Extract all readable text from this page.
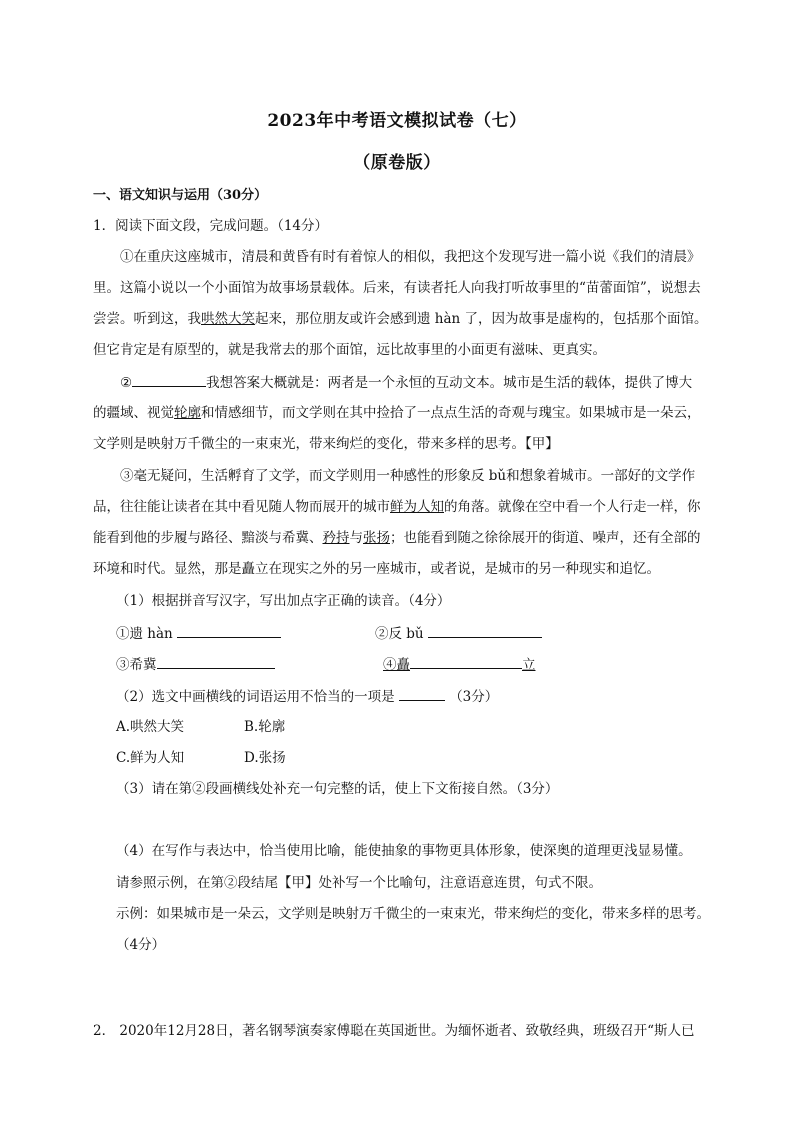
2023年中考语文模拟试卷（七）
（原卷版）
一、语文知识与运用（30分）
1．阅读下面文段，完成问题。（14分）
①在重庆这座城市，清晨和黄昏有时有着惊人的相似，我把这个发现写进一篇小说《我们的清晨》
里。这篇小说以一个小面馆为故事场景载体。后来，有读者托人向我打听故事里的“苗蕾面馆”，说想去
尝尝。听到这，我哄然大笑起来，那位朋友或许会感到遗 hàn 了，因为故事是虚构的，包括那个面馆。
但它肯定是有原型的，就是我常去的那个面馆，远比故事里的小面更有滋味、更真实。
②	我想答案大概就是：两者是一个永恒的互动文本。城市是生活的载体，提供了博大
的疆域、视觉轮廓和情感细节，而文学则在其中捡拾了一点点生活的奇观与瑰宝。如果城市是一朵云，
文学则是映射万千微尘的一束束光，带来绚烂的变化，带来多样的思考。【甲】
③毫无疑问，生活孵育了文学，而文学则用一种感性的形象反 bǔ和想象着城市。一部好的文学作
品，往往能让读者在其中看见随人物而展开的城市鲜为人知的角落。就像在空中看一个人行走一样，你
能看到他的步履与路径、黯淡与希冀、矜持与张扬；也能看到随之徐徐展开的街道、噪声，还有全部的
环境和时代。显然，那是矗立在现实之外的另一座城市，或者说，是城市的另一种现实和追忆。
（1）根据拼音写汉字，写出加点字正确的读音。（4分）
①遗 hàn	②反 bǔ
③希冀	④矗	立
（2）选文中画横线的词语运用不恰当的一项是	（3分）
A.哄然大笑	B.轮廓
C.鲜为人知	D.张扬
（3）请在第②段画横线处补充一句完整的话，使上下文衔接自然。（3分）
（4）在写作与表达中，恰当使用比喻，能使抽象的事物更具体形象，使深奥的道理更浅显易懂。
请参照示例，在第②段结尾【甲】处补写一个比喻句，注意语意连贯，句式不限。
示例：如果城市是一朵云，文学则是映射万千微尘的一束束光，带来绚烂的变化，带来多样的思考。
（4分）
2． 2020年12月28日，著名钢琴演奏家傅聪在英国逝世。为缅怀逝者、致敬经典，班级召开“斯人已
